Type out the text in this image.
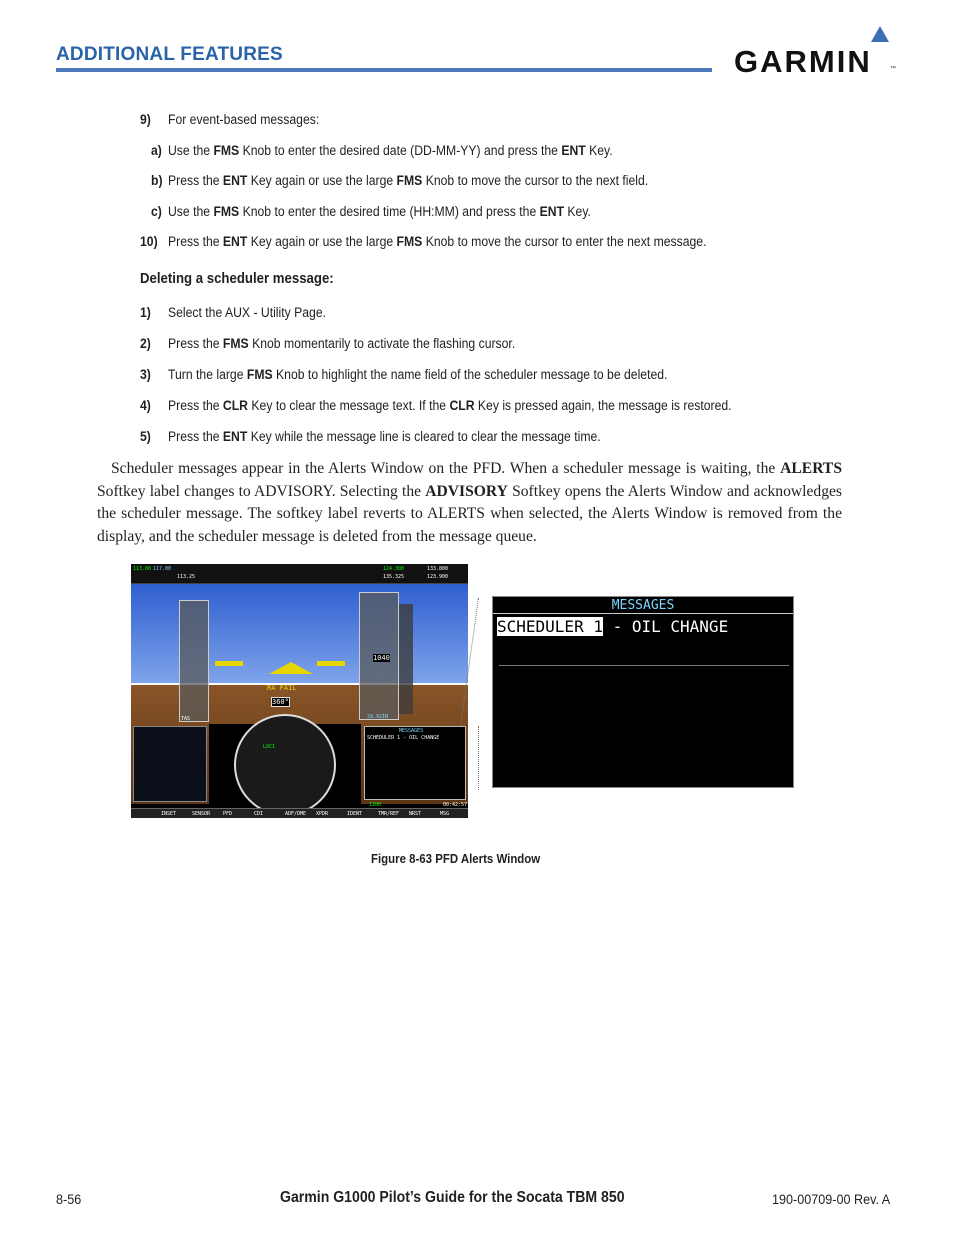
ADDITIONAL FEATURES	GARMIN	™
9) For event-based messages:
a) Use the FMS Knob to enter the desired date (DD-MM-YY) and press the ENT Key.
b) Press the ENT Key again or use the large FMS Knob to move the cursor to the next field.
c) Use the FMS Knob to enter the desired time (HH:MM) and press the ENT Key.
10) Press the ENT Key again or use the large FMS Knob to move the cursor to enter the next message.
Deleting a scheduler message:
1) Select the AUX - Utility Page.
2) Press the FMS Knob momentarily to activate the flashing cursor.
3) Turn the large FMS Knob to highlight the name field of the scheduler message to be deleted.
4) Press the CLR Key to clear the message text. If the CLR Key is pressed again, the message is restored.
5) Press the ENT Key while the message line is cleared to clear the message time.
Scheduler messages appear in the Alerts Window on the PFD. When a scheduler message is waiting, the ALERTS Softkey label changes to ADVISORY. Selecting the ADVISORY Softkey opens the Alerts Window and acknowledges the scheduler message. The softkey label reverts to ALERTS when selected, the Alerts Window is removed from the display, and the scheduler message is deleted from the message queue.
113.00 117.00
113.25
124.300	133.800
135.325	123.900
TAS
1040
29.92IN
RA FAIL
360°
LOC1
MESSAGES
SCHEDULER 1 - OIL CHANGE
1200	00:42:57
INSET	SENSOR	PFD	CDI	ADF/DME XPDR	IDENT	TMR/REF NRST	MSG
MESSAGES
SCHEDULER 1 - OIL CHANGE
Figure 8-63 PFD Alerts Window
8-56	Garmin G1000 Pilot’s Guide for the Socata TBM 850	190-00709-00 Rev. A
